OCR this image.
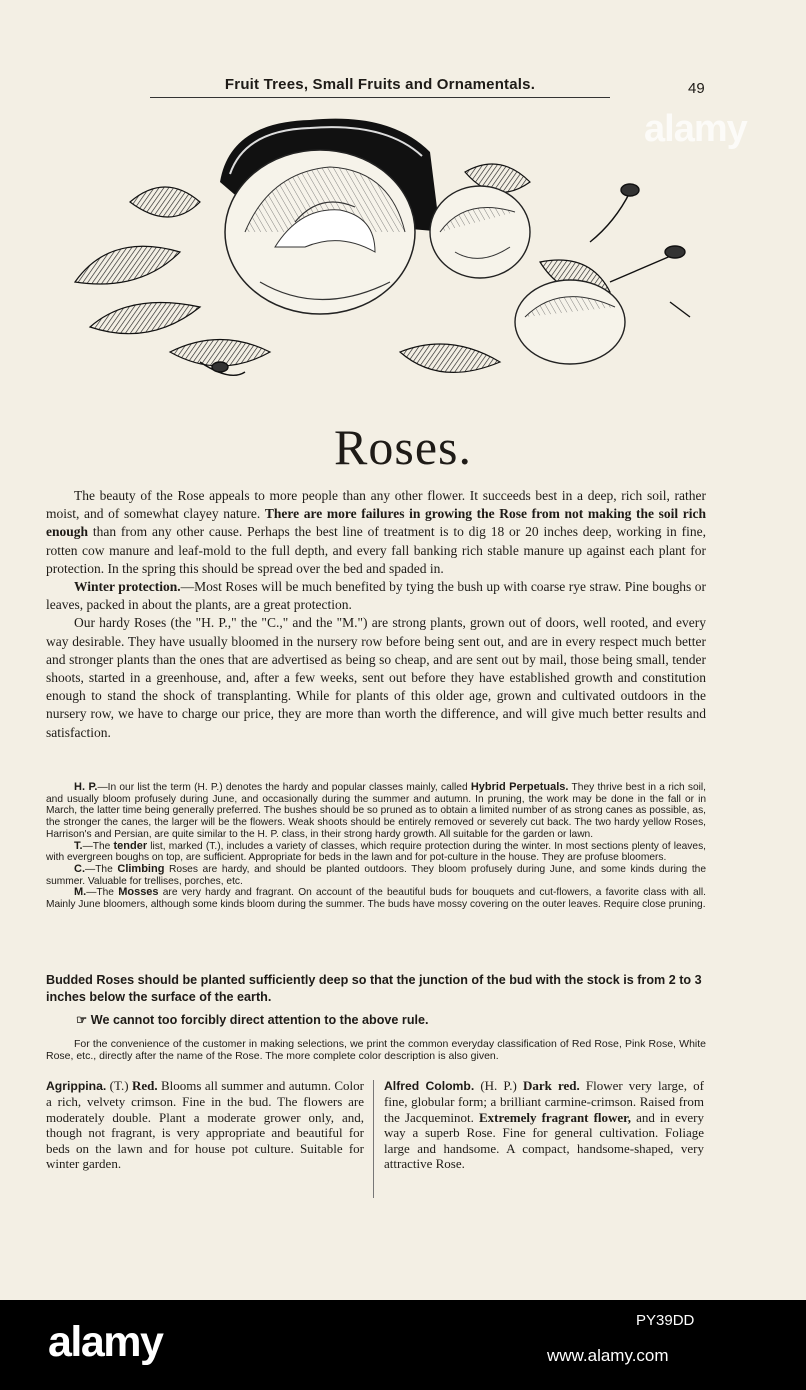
Fruit Trees, Small Fruits and Ornamentals.	49
alamy
Roses.

The beauty of the Rose appeals to more people than any other flower. It succeeds best in a deep, rich soil, rather moist, and of somewhat clayey nature. There are more failures in growing the Rose from not making the soil rich enough than from any other cause. Perhaps the best line of treatment is to dig 18 or 20 inches deep, working in fine, rotten cow manure and leaf-mold to the full depth, and every fall banking rich stable manure up against each plant for protection. In the spring this should be spread over the bed and spaded in.

Winter protection.—Most Roses will be much benefited by tying the bush up with coarse rye straw. Pine boughs or leaves, packed in about the plants, are a great protection.

Our hardy Roses (the "H. P.," the "C.," and the "M.") are strong plants, grown out of doors, well rooted, and every way desirable. They have usually bloomed in the nursery row before being sent out, and are in every respect much better and stronger plants than the ones that are advertised as being so cheap, and are sent out by mail, those being small, tender shoots, started in a greenhouse, and, after a few weeks, sent out before they have established growth and constitution enough to stand the shock of transplanting. While for plants of this older age, grown and cultivated outdoors in the nursery row, we have to charge our price, they are more than worth the difference, and will give much better results and satisfaction.

H. P.—In our list the term (H. P.) denotes the hardy and popular classes mainly, called Hybrid Perpetuals. They thrive best in a rich soil, and usually bloom profusely during June, and occasionally during the summer and autumn. In pruning, the work may be done in the fall or in March, the latter time being generally preferred. The bushes should be so pruned as to obtain a limited number of as strong canes as possible, as, the stronger the canes, the larger will be the flowers. Weak shoots should be entirely removed or severely cut back. The two hardy yellow Roses, Harrison's and Persian, are quite similar to the H. P. class, in their strong hardy growth. All suitable for the garden or lawn.

T.—The tender list, marked (T.), includes a variety of classes, which require protection during the winter. In most sections plenty of leaves, with evergreen boughs on top, are sufficient. Appropriate for beds in the lawn and for pot-culture in the house. They are profuse bloomers.

C.—The Climbing Roses are hardy, and should be planted outdoors. They bloom profusely during June, and some kinds during the summer. Valuable for trellises, porches, etc.

M.—The Mosses are very hardy and fragrant. On account of the beautiful buds for bouquets and cut-flowers, a favorite class with all. Mainly June bloomers, although some kinds bloom during the summer. The buds have mossy covering on the outer leaves. Require close pruning.

Budded Roses should be planted sufficiently deep so that the junction of the bud with the stock is from 2 to 3 inches below the surface of the earth.
☞ We cannot too forcibly direct attention to the above rule.

For the convenience of the customer in making selections, we print the common everyday classification of Red Rose, Pink Rose, White Rose, etc., directly after the name of the Rose. The more complete color description is also given.

Agrippina. (T.) Red. Blooms all summer and autumn. Color a rich, velvety crimson. Fine in the bud. The flowers are moderately double. Plant a moderate grower only, and, though not fragrant, is very appropriate and beautiful for beds on the lawn and for house pot culture. Suitable for winter garden.
Alfred Colomb. (H. P.) Dark red. Flower very large, of fine, globular form; a brilliant carmine-crimson. Raised from the Jacqueminot. Extremely fragrant flower, and in every way a superb Rose. Fine for general cultivation. Foliage large and handsome. A compact, handsome-shaped, very attractive Rose.
alamy	PY39DD
www.alamy.com
